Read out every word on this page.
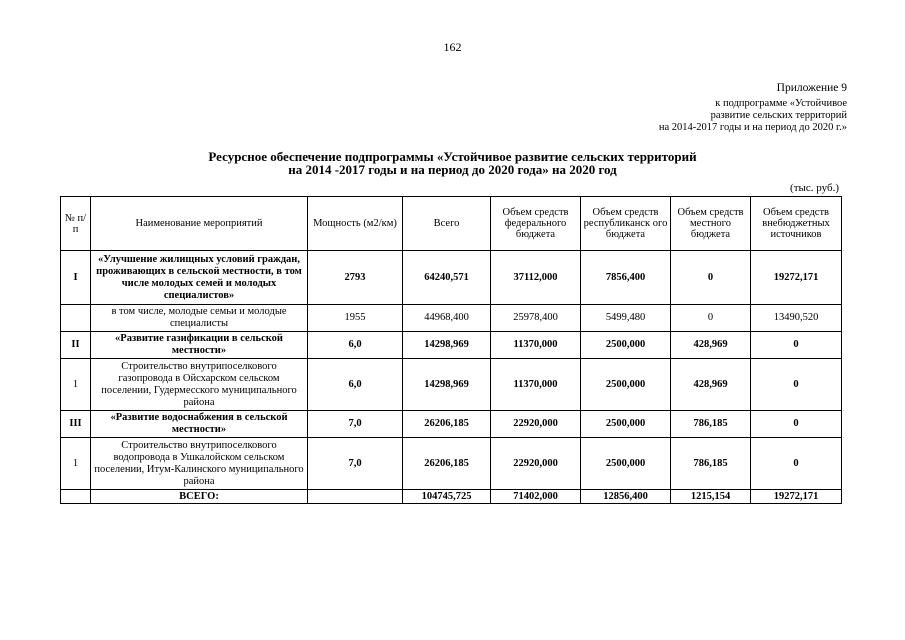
162
Приложение 9
к подпрограмме «Устойчивое
развитие сельских территорий
на 2014-2017 годы и на период до 2020 г.»
Ресурсное обеспечение подпрограммы «Устойчивое развитие сельских территорий
на 2014 -2017 годы и на период до 2020 года» на 2020 год
(тыс. руб.)
№ п/ п	Наименование мероприятий	Мощность (м2/км)	Всего	Объем средств федерального бюджета	Объем средств республиканск ого бюджета	Объем средств местного бюджета	Объем средств внебюджетных источников
I	«Улучшение жилищных условий граждан, проживающих в сельской местности, в том числе молодых семей и молодых специалистов»	2793	64240,571	37112,000	7856,400	0	19272,171
	в том числе, молодые семьи и молодые специалисты	1955	44968,400	25978,400	5499,480	0	13490,520
II	«Развитие газификации в сельской местности»	6,0	14298,969	11370,000	2500,000	428,969	0
1	Строительство внутрипоселкового газопровода в Ойсхарском сельском поселении, Гудермесского муниципального района	6,0	14298,969	11370,000	2500,000	428,969	0
III	«Развитие водоснабжения в сельской местности»	7,0	26206,185	22920,000	2500,000	786,185	0
1	Строительство внутрипоселкового водопровода в Ушкалойском сельском поселении, Итум-Калинского муниципального района	7,0	26206,185	22920,000	2500,000	786,185	0
	ВСЕГО:		104745,725	71402,000	12856,400	1215,154	19272,171
